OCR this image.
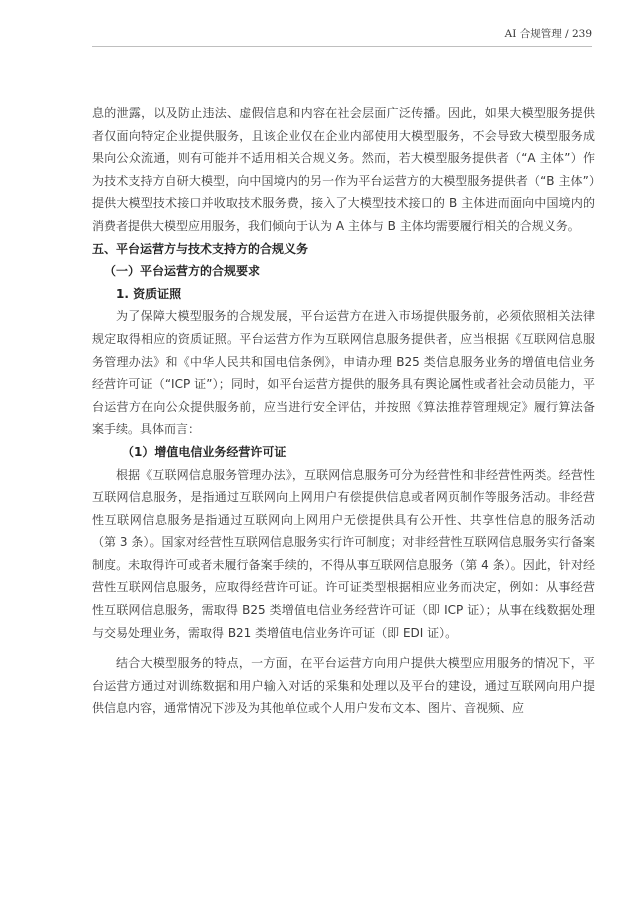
AI 合规管理 / 239

息的泄露，以及防止违法、虚假信息和内容在社会层面广泛传播。因此，如果大模型服务提供者仅面向特定企业提供服务，且该企业仅在企业内部使用大模型服务，不会导致大模型服务成果向公众流通，则有可能并不适用相关合规义务。然而，若大模型服务提供者（“A 主体”）作为技术支持方自研大模型，向中国境内的另一作为平台运营方的大模型服务提供者（“B 主体”）提供大模型技术接口并收取技术服务费，接入了大模型技术接口的 B 主体进而面向中国境内的消费者提供大模型应用服务，我们倾向于认为 A 主体与 B 主体均需要履行相关的合规义务。

五、平台运营方与技术支持方的合规义务

（一）平台运营方的合规要求

1. 资质证照

为了保障大模型服务的合规发展，平台运营方在进入市场提供服务前，必须依照相关法律规定取得相应的资质证照。平台运营方作为互联网信息服务提供者，应当根据《互联网信息服务管理办法》和《中华人民共和国电信条例》，申请办理 B25 类信息服务业务的增值电信业务经营许可证（“ICP 证”）；同时，如平台运营方提供的服务具有舆论属性或者社会动员能力，平台运营方在向公众提供服务前，应当进行安全评估，并按照《算法推荐管理规定》履行算法备案手续。具体而言：

（1）增值电信业务经营许可证

根据《互联网信息服务管理办法》，互联网信息服务可分为经营性和非经营性两类。经营性互联网信息服务，是指通过互联网向上网用户有偿提供信息或者网页制作等服务活动。非经营性互联网信息服务是指通过互联网向上网用户无偿提供具有公开性、共享性信息的服务活动（第 3 条）。国家对经营性互联网信息服务实行许可制度；对非经营性互联网信息服务实行备案制度。未取得许可或者未履行备案手续的，不得从事互联网信息服务（第 4 条）。因此，针对经营性互联网信息服务，应取得经营许可证。许可证类型根据相应业务而决定，例如：从事经营性互联网信息服务，需取得 B25 类增值电信业务经营许可证（即 ICP 证）；从事在线数据处理与交易处理业务，需取得 B21 类增值电信业务许可证（即 EDI 证）。

结合大模型服务的特点，一方面，在平台运营方向用户提供大模型应用服务的情况下，平台运营方通过对训练数据和用户输入对话的采集和处理以及平台的建设，通过互联网向用户提供信息内容，通常情况下涉及为其他单位或个人用户发布文本、图片、音视频、应
